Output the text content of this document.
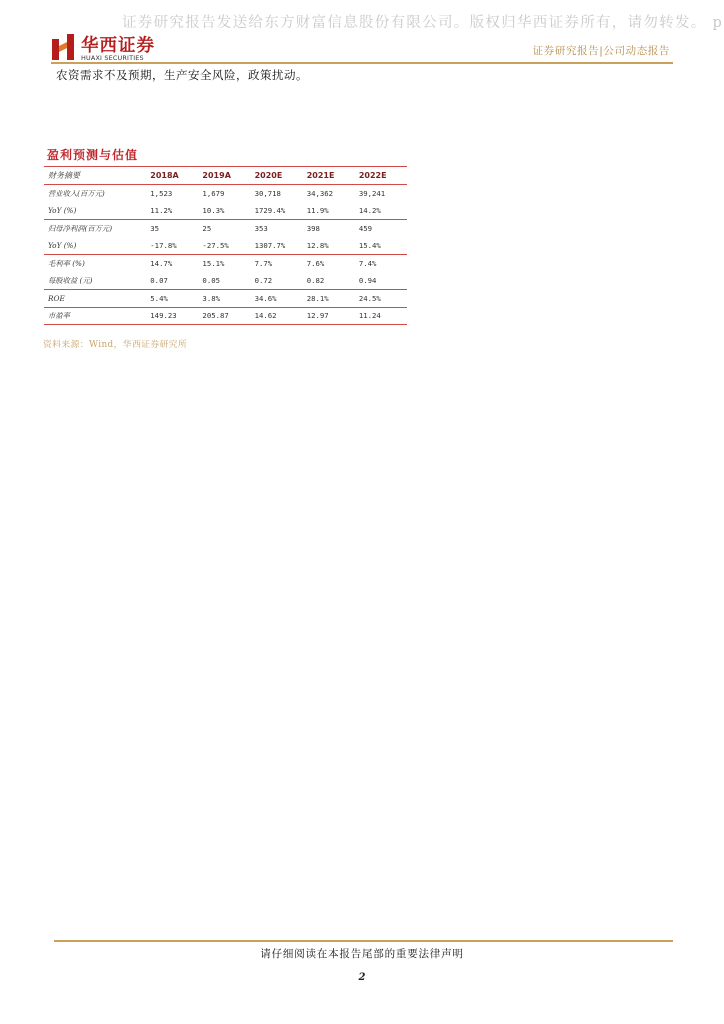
证券研究报告发送给东方财富信息股份有限公司。版权归华西证券所有，请勿转发。 p
华西证券
HUAXI SECURITIES
证券研究报告|公司动态报告
农资需求不及预期，生产安全风险，政策扰动。
盈利预测与估值
财务摘要	2018A	2019A	2020E	2021E	2022E
营业收入(百万元)	1,523	1,679	30,718	34,362	39,241
YoY (%)	11.2%	10.3%	1729.4%	11.9%	14.2%
归母净利润(百万元)	35	25	353	398	459
YoY (%)	-17.8%	-27.5%	1307.7%	12.8%	15.4%
毛利率 (%)	14.7%	15.1%	7.7%	7.6%	7.4%
每股收益 (元)	0.07	0.05	0.72	0.82	0.94
ROE	5.4%	3.8%	34.6%	28.1%	24.5%
市盈率	149.23	205.87	14.62	12.97	11.24
资料来源：Wind，华西证券研究所
请仔细阅读在本报告尾部的重要法律声明
2
